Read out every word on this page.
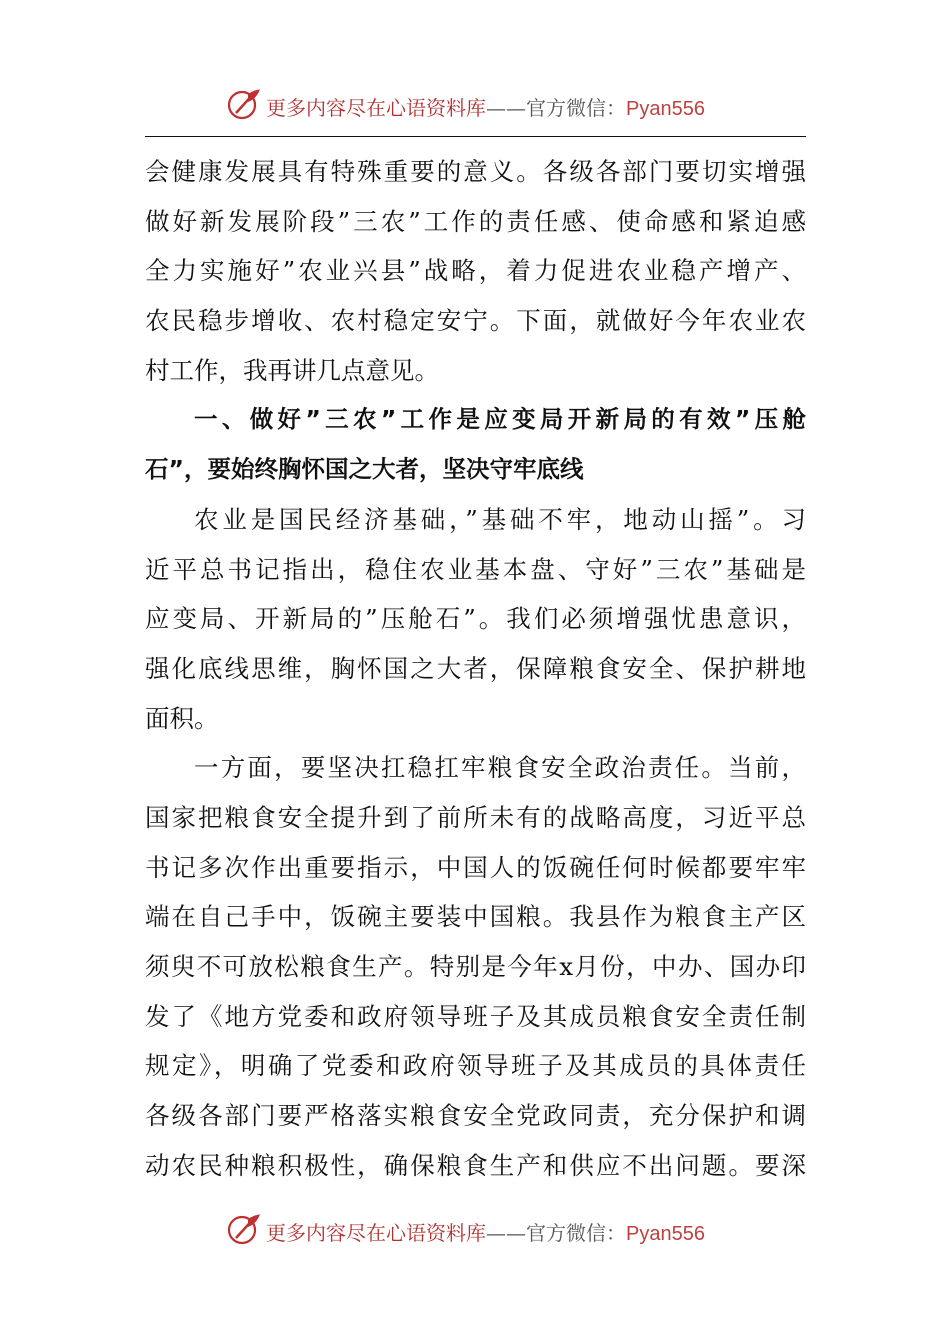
更多内容尽在心语资料库——官方微信：Pyan556
会健康发展具有特殊重要的意义。各级各部门要切实增强
做好新发展阶段”三农”工作的责任感、使命感和紧迫感
全力实施好”农业兴县”战略，着力促进农业稳产增产、
农民稳步增收、农村稳定安宁。下面，就做好今年农业农
村工作，我再讲几点意见。
一、做好”三农”工作是应变局开新局的有效”压舱
石”，要始终胸怀国之大者，坚决守牢底线
农业是国民经济基础，”基础不牢，地动山摇”。习
近平总书记指出，稳住农业基本盘、守好”三农”基础是
应变局、开新局的”压舱石”。我们必须增强忧患意识，
强化底线思维，胸怀国之大者，保障粮食安全、保护耕地
面积。
一方面，要坚决扛稳扛牢粮食安全政治责任。当前，
国家把粮食安全提升到了前所未有的战略高度，习近平总
书记多次作出重要指示，中国人的饭碗任何时候都要牢牢
端在自己手中，饭碗主要装中国粮。我县作为粮食主产区
须臾不可放松粮食生产。特别是今年x月份，中办、国办印
发了《地方党委和政府领导班子及其成员粮食安全责任制
规定》，明确了党委和政府领导班子及其成员的具体责任
各级各部门要严格落实粮食安全党政同责，充分保护和调
动农民种粮积极性，确保粮食生产和供应不出问题。要深
更多内容尽在心语资料库——官方微信：Pyan556
